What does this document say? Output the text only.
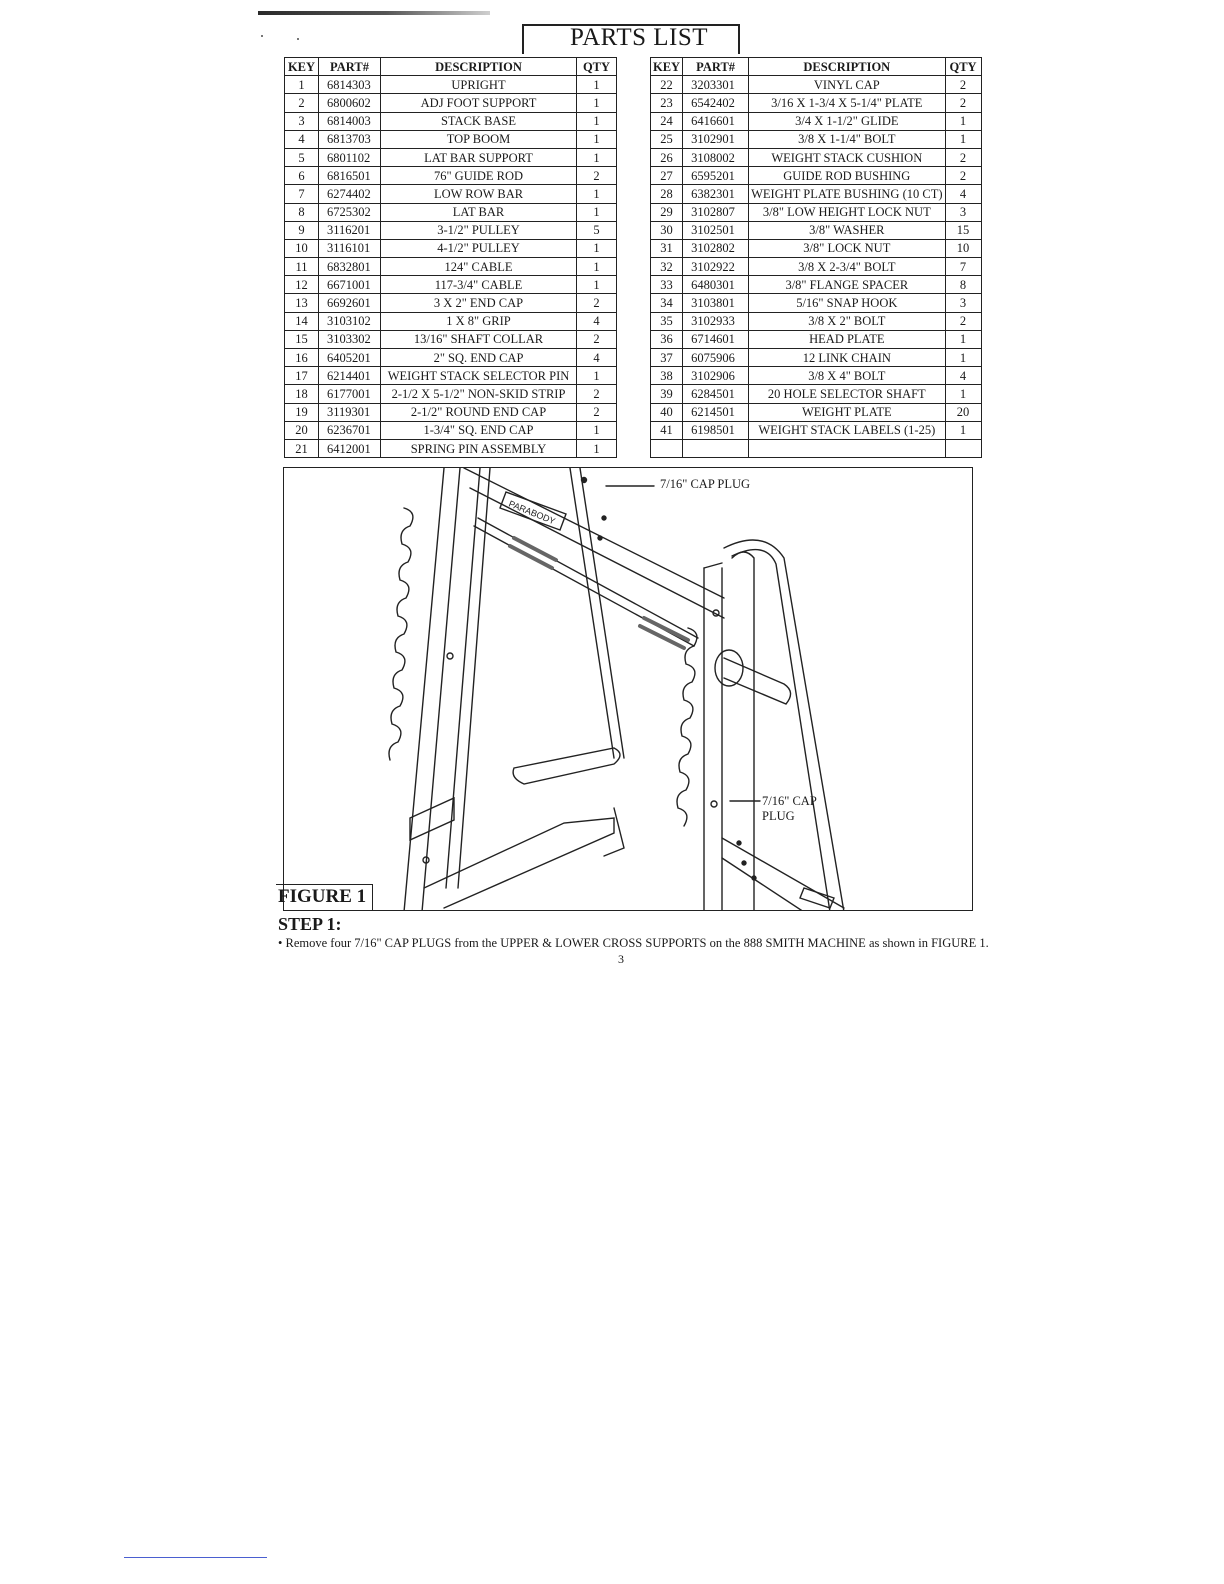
PARTS LIST
KEY	PART#	DESCRIPTION	QTY
1	6814303	UPRIGHT	1
2	6800602	ADJ FOOT SUPPORT	1
3	6814003	STACK BASE	1
4	6813703	TOP BOOM	1
5	6801102	LAT BAR SUPPORT	1
6	6816501	76" GUIDE ROD	2
7	6274402	LOW ROW BAR	1
8	6725302	LAT BAR	1
9	3116201	3-1/2" PULLEY	5
10	3116101	4-1/2" PULLEY	1
11	6832801	124" CABLE	1
12	6671001	117-3/4" CABLE	1
13	6692601	3 X 2" END CAP	2
14	3103102	1 X 8" GRIP	4
15	3103302	13/16" SHAFT COLLAR	2
16	6405201	2" SQ. END CAP	4
17	6214401	WEIGHT STACK SELECTOR PIN	1
18	6177001	2-1/2 X 5-1/2" NON-SKID STRIP	2
19	3119301	2-1/2" ROUND END CAP	2
20	6236701	1-3/4" SQ. END CAP	1
21	6412001	SPRING PIN ASSEMBLY	1
KEY	PART#	DESCRIPTION	QTY
22	3203301	VINYL CAP	2
23	6542402	3/16 X 1-3/4 X 5-1/4" PLATE	2
24	6416601	3/4 X 1-1/2" GLIDE	1
25	3102901	3/8 X 1-1/4" BOLT	1
26	3108002	WEIGHT STACK CUSHION	2
27	6595201	GUIDE ROD BUSHING	2
28	6382301	WEIGHT PLATE BUSHING (10 CT)	4
29	3102807	3/8" LOW HEIGHT LOCK NUT	3
30	3102501	3/8" WASHER	15
31	3102802	3/8" LOCK NUT	10
32	3102922	3/8 X 2-3/4" BOLT	7
33	6480301	3/8" FLANGE SPACER	8
34	3103801	5/16" SNAP HOOK	3
35	3102933	3/8 X 2" BOLT	2
36	6714601	HEAD PLATE	1
37	6075906	12 LINK CHAIN	1
38	3102906	3/8 X 4" BOLT	4
39	6284501	20 HOLE SELECTOR SHAFT	1
40	6214501	WEIGHT PLATE	20
41	6198501	WEIGHT STACK LABELS (1-25)	1

PARABODY
7/16" CAP PLUG
7/16" CAP
PLUG
FIGURE 1
STEP 1:
• Remove four 7/16" CAP PLUGS from the UPPER & LOWER CROSS SUPPORTS on the 888 SMITH MACHINE as shown in FIGURE 1.
3
